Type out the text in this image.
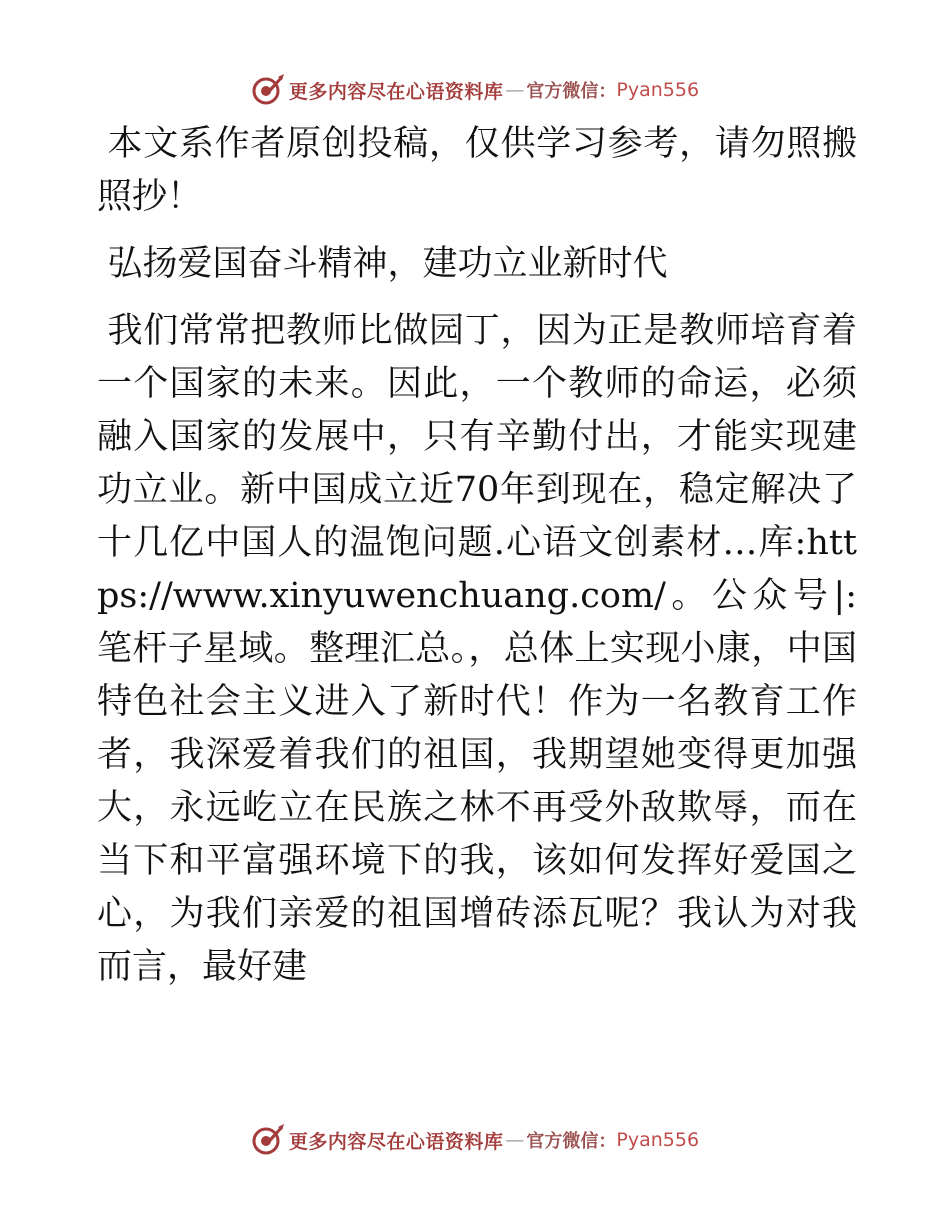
更多内容尽在心语资料库 — 官方微信： Pyan556

本文系作者原创投稿，仅供学习参考，请勿照搬照抄！

弘扬爱国奋斗精神，建功立业新时代

我们常常把教师比做园丁，因为正是教师培育着一个国家的未来。因此，一个教师的命运，必须融入国家的发展中，只有辛勤付出，才能实现建功立业。新中国成立近70年到现在，稳定解决了十几亿中国人的温饱问题.心语文创素材…库:https://www.xinyuwenchuang.com/。公众号|: 笔杆子星域。整理汇总。，总体上实现小康，中国特色社会主义进入了新时代！作为一名教育工作者，我深爱着我们的祖国，我期望她变得更加强大，永远屹立在民族之林不再受外敌欺辱，而在当下和平富强环境下的我，该如何发挥好爱国之心，为我们亲爱的祖国增砖添瓦呢？我认为对我而言，最好建

更多内容尽在心语资料库 — 官方微信： Pyan556
